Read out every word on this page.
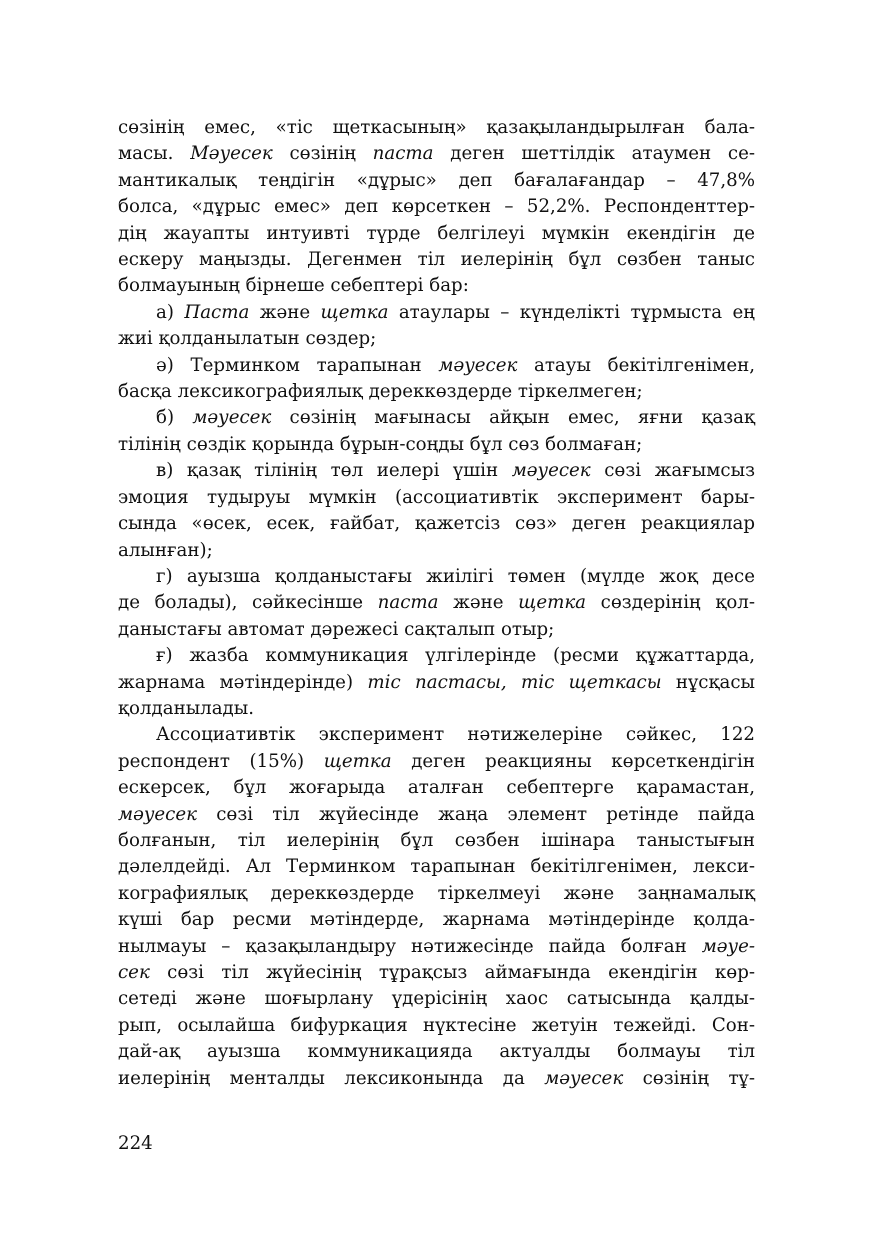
сөзінің емес, «тіс щеткасының» қазақыландырылған бала-
масы. Мәуесек сөзінің паста деген шеттілдік атаумен се-
мантикалық теңдігін «дұрыс» деп бағалағандар – 47,8%
болса, «дұрыс емес» деп көрсеткен – 52,2%. Респонденттер-
дің жауапты интуивті түрде белгілеуі мүмкін екендігін де
ескеру маңызды. Дегенмен тіл иелерінің бұл сөзбен таныс
болмауының бірнеше себептері бар:
а) Паста және щетка атаулары – күнделікті тұрмыста ең
жиі қолданылатын сөздер;
ә) Терминком тарапынан мәуесек атауы бекітілгенімен,
басқа лексикографиялық дереккөздерде тіркелмеген;
б) мәуесек сөзінің мағынасы айқын емес, яғни қазақ
тілінің сөздік қорында бұрын-соңды бұл сөз болмаған;
в) қазақ тілінің төл иелері үшін мәуесек сөзі жағымсыз
эмоция тудыруы мүмкін (ассоциативтік эксперимент бары-
сында «өсек, есек, ғайбат, қажетсіз сөз» деген реакциялар
алынған);
г) ауызша қолданыстағы жиілігі төмен (мүлде жоқ десе
де болады), сәйкесінше паста және щетка сөздерінің қол-
даныстағы автомат дәрежесі сақталып отыр;
ғ) жазба коммуникация үлгілерінде (ресми құжаттарда,
жарнама мәтіндерінде) тіс пастасы, тіс щеткасы нұсқасы
қолданылады.
Ассоциативтік эксперимент нәтижелеріне сәйкес, 122
респондент (15%) щетка деген реакцияны көрсеткендігін
ескерсек, бұл жоғарыда аталған себептерге қарамастан,
мәуесек сөзі тіл жүйесінде жаңа элемент ретінде пайда
болғанын, тіл иелерінің бұл сөзбен ішінара таныстығын
дәлелдейді. Ал Терминком тарапынан бекітілгенімен, лекси-
кографиялық дереккөздерде тіркелмеуі және заңнамалық
күші бар ресми мәтіндерде, жарнама мәтіндерінде қолда-
нылмауы – қазақыландыру нәтижесінде пайда болған мәуе-
сек сөзі тіл жүйесінің тұрақсыз аймағында екендігін көр-
сетеді және шоғырлану үдерісінің хаос сатысында қалды-
рып, осылайша бифуркация нүктесіне жетуін тежейді. Сон-
дай-ақ ауызша коммуникацияда актуалды болмауы тіл
иелерінің менталды лексиконында да мәуесек сөзінің тұ-
224
